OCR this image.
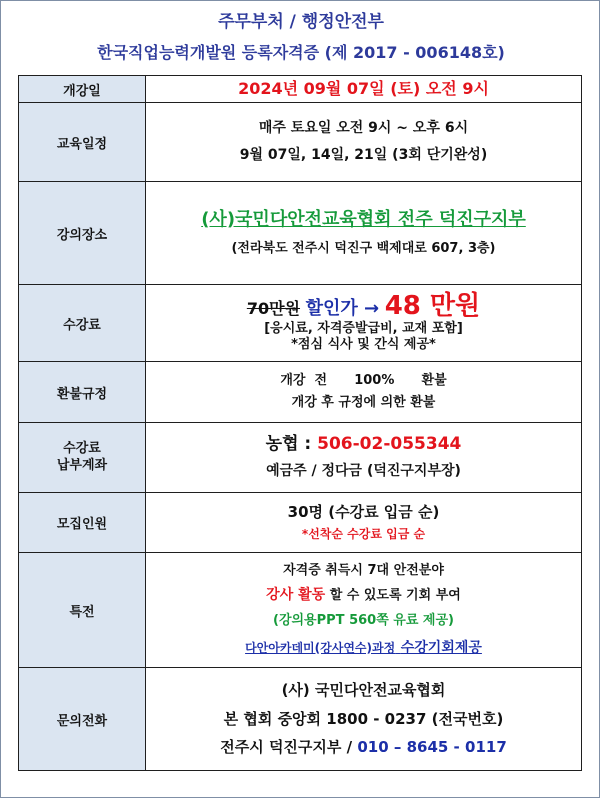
주무부처 / 행정안전부
한국직업능력개발원 등록자격증 (제 2017 - 006148호)
개강일	2024년 09월 07일 (토) 오전 9시

교육일정	매주 토요일 오전 9시 ~ 오후 6시
9월 07일, 14일, 21일 (3회 단기완성)

강의장소	(사)국민다안전교육협회 전주 덕진구지부
(전라북도 전주시 덕진구 백제대로 607, 3층)

수강료	70만원 할인가 → 48 만원
[응시료, 자격증발급비, 교재 포함]
*점심 식사 및 간식 제공*

환불규정	개강  전      100%      환불
개강 후 규정에 의한 환불

수강료
납부계좌	농협 : 506-02-055344
예금주 / 정다금 (덕진구지부장)

모집인원	30명 (수강료 입금 순)
*선착순 수강료 입금 순

특전	자격증 취득시 7대 안전분야
강사 활동 할 수 있도록 기회 부여
(강의용PPT 560쪽 유료 제공)
다안아카데미(강사연수)과정 수강기회제공

문의전화	(사) 국민다안전교육협회
본 협회 중앙회 1800 - 0237 (전국번호)
전주시 덕진구지부 / 010 – 8645 - 0117
